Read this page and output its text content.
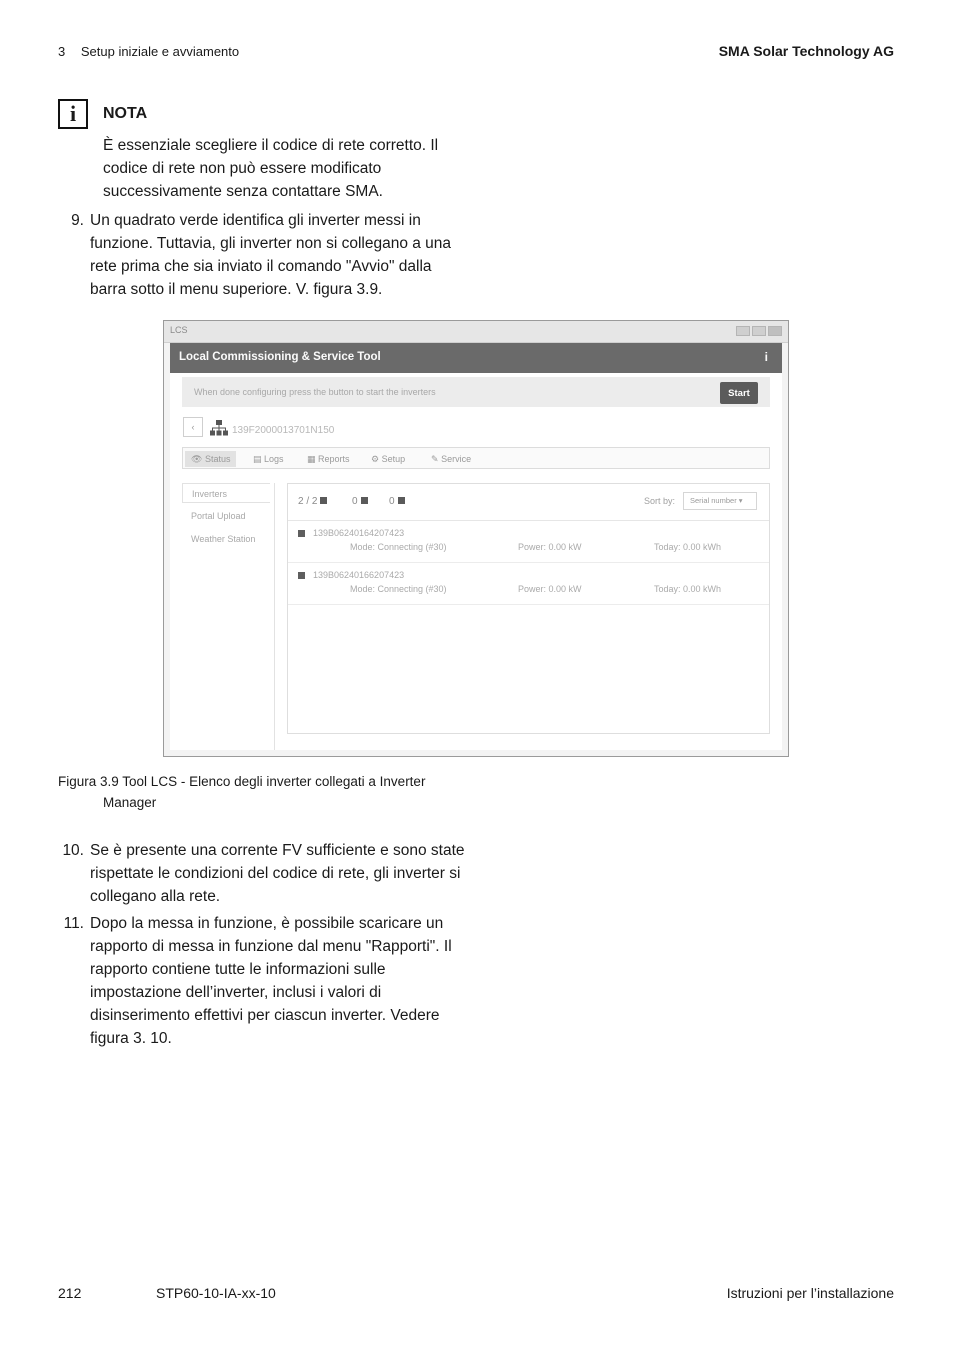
3 Setup iniziale e avviamento	SMA Solar Technology AG
i	NOTA
È essenziale scegliere il codice di rete corretto. Il codice di rete non può essere modificato successivamente senza contattare SMA.
9. Un quadrato verde identifica gli inverter messi in funzione. Tuttavia, gli inverter non si collegano a una rete prima che sia inviato il comando "Avvio" dalla barra sotto il menu superiore. V. figura 3.9.
LCS
Local Commissioning & Service Tool	i
When done configuring press the button to start the inverters	Start
‹	139F2000013701N150
👁 Status	▤ Logs	▦ Reports ⚙ Setup	✎ Service
Inverters
Portal Upload
Weather Station
2 / 2	0	0	Sort by:	Serial number ▾
139B06240164207423
Mode: Connecting (#30)	Power: 0.00 kW	Today: 0.00 kWh
139B06240166207423
Mode: Connecting (#30)	Power: 0.00 kW	Today: 0.00 kWh
Figura 3.9 Tool LCS - Elenco degli inverter collegati a Inverter
Manager
10. Se è presente una corrente FV sufficiente e sono state rispettate le condizioni del codice di rete, gli inverter si collegano alla rete.
11. Dopo la messa in funzione, è possibile scaricare un rapporto di messa in funzione dal menu "Rapporti". Il rapporto contiene tutte le informazioni sulle impostazione dell’inverter, inclusi i valori di disinserimento effettivi per ciascun inverter. Vedere figura 3. 10.
212	STP60-10-IA-xx-10	Istruzioni per l’installazione
